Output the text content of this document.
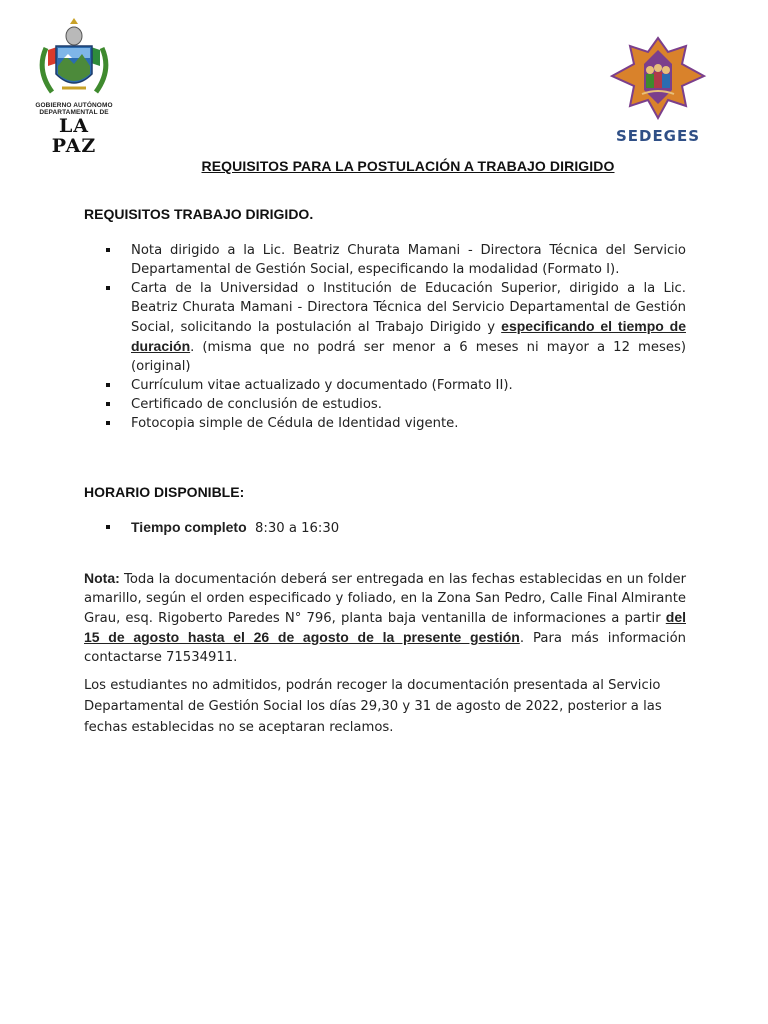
GOBIERNO AUTÓNOMO
DEPARTAMENTAL DE
LA PAZ	SEDEGES
REQUISITOS PARA LA POSTULACIÓN A TRABAJO DIRIGIDO
REQUISITOS TRABAJO DIRIGIDO.
Nota dirigido a la Lic. Beatriz Churata Mamani - Directora Técnica del Servicio Departamental de Gestión Social, especificando la modalidad (Formato I).
Carta de la Universidad o Institución de Educación Superior, dirigido a la Lic. Beatriz Churata Mamani - Directora Técnica del Servicio Departamental de Gestión Social, solicitando la postulación al Trabajo Dirigido y especificando el tiempo de duración. (misma que no podrá ser menor a 6 meses ni mayor a 12 meses) (original)
Currículum vitae actualizado y documentado (Formato II).
Certificado de conclusión de estudios.
Fotocopia simple de Cédula de Identidad vigente.
HORARIO DISPONIBLE:
Tiempo completo 8:30 a 16:30

Nota: Toda la documentación deberá ser entregada en las fechas establecidas en un folder amarillo, según el orden especificado y foliado, en la Zona San Pedro, Calle Final Almirante Grau, esq. Rigoberto Paredes N° 796, planta baja ventanilla de informaciones a partir del 15 de agosto hasta el 26 de agosto de la presente gestión. Para más información contactarse 71534911.

Los estudiantes no admitidos, podrán recoger la documentación presentada al Servicio Departamental de Gestión Social los días 29,30 y 31 de agosto de 2022, posterior a las fechas establecidas no se aceptaran reclamos.
